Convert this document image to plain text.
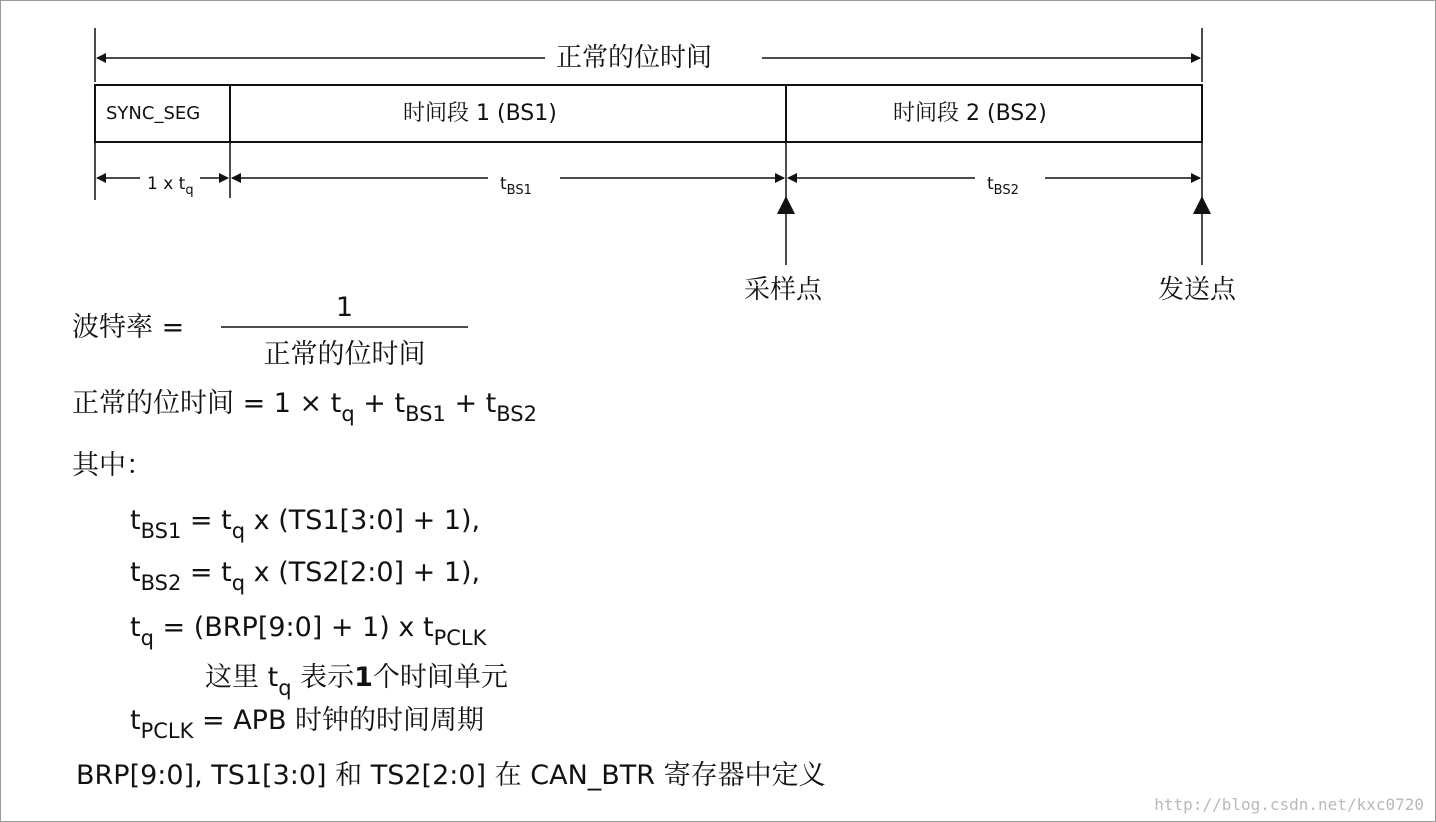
正常的位时间
SYNC_SEG	时间段 1 (BS1)	时间段 2 (BS2)
1 x $t_q$	$t_{BS1}$	$t_{BS2}$
采样点	发送点
波特率 =
1
正常的位时间
正常的位时间 = $1 \times t_q + t_{BS1} + t_{BS2}$
其中：
$t_{BS1} = t_q$ x (TS1[3:0] + 1),
$t_{BS2} = t_q$ x (TS2[2:0] + 1),
$t_q$ = (BRP[9:0] + 1) x $t_{PCLK}$
这里 $t_q$ 表示1个时间单元
$t_{PCLK}$ = APB 时钟的时间周期
BRP[9:0], TS1[3:0] 和 TS2[2:0] 在 CAN_BTR 寄存器中定义
http://blog.csdn.net/kxc0720
